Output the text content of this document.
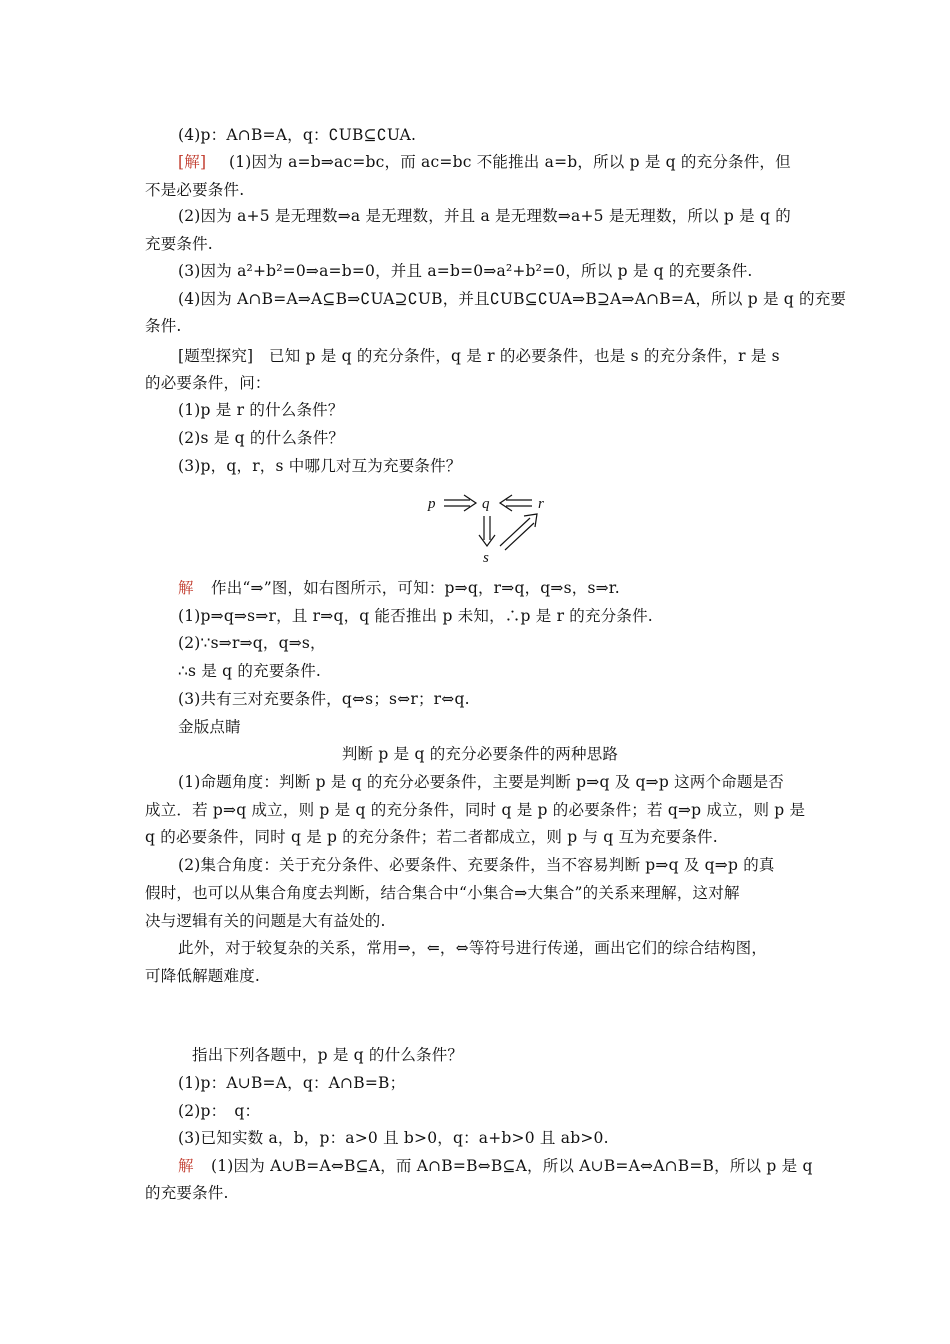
(4)p：A∩B=A，q：∁UB⊆∁UA.
[解]	(1)因为 a=b⇒ac=bc，而 ac=bc 不能推出 a=b，所以 p 是 q 的充分条件，但
不是必要条件.
(2)因为 a+5 是无理数⇒a 是无理数，并且 a 是无理数⇒a+5 是无理数，所以 p 是 q 的
充要条件.
(3)因为 a²+b²=0⇒a=b=0，并且 a=b=0⇒a²+b²=0，所以 p 是 q 的充要条件.
(4)因为 A∩B=A⇒A⊆B⇒∁UA⊇∁UB，并且∁UB⊆∁UA⇒B⊇A⇒A∩B=A，所以 p 是 q 的充要
条件.
[题型探究]　已知 p 是 q 的充分条件，q 是 r 的必要条件，也是 s 的充分条件，r 是 s
的必要条件，问：
(1)p 是 r 的什么条件？
(2)s 是 q 的什么条件？
(3)p，q，r，s 中哪几对互为充要条件？
p	q	r
s
解	作出“⇒”图，如右图所示，可知：p⇒q，r⇒q，q⇒s，s⇒r.
(1)p⇒q⇒s⇒r，且 r⇒q，q 能否推出 p 未知，∴p 是 r 的充分条件.
(2)∵s⇒r⇒q，q⇒s，
∴s 是 q 的充要条件.
(3)共有三对充要条件，q⇔s；s⇔r；r⇔q.
金版点睛
判断 p 是 q 的充分必要条件的两种思路
(1)命题角度：判断 p 是 q 的充分必要条件，主要是判断 p⇒q 及 q⇒p 这两个命题是否
成立．若 p⇒q 成立，则 p 是 q 的充分条件，同时 q 是 p 的必要条件；若 q⇒p 成立，则 p 是
q 的必要条件，同时 q 是 p 的充分条件；若二者都成立，则 p 与 q 互为充要条件.
(2)集合角度：关于充分条件、必要条件、充要条件，当不容易判断 p⇒q 及 q⇒p 的真
假时，也可以从集合角度去判断，结合集合中“小集合⇒大集合”的关系来理解，这对解
决与逻辑有关的问题是大有益处的.
此外，对于较复杂的关系，常用⇒，⇐，⇔等符号进行传递，画出它们的综合结构图，
可降低解题难度.
指出下列各题中，p 是 q 的什么条件？
(1)p：A∪B=A，q：A∩B=B；
(2)p：　q：
(3)已知实数 a，b，p：a>0 且 b>0，q：a+b>0 且 ab>0.
解	(1)因为 A∪B=A⇔B⊆A，而 A∩B=B⇔B⊆A，所以 A∪B=A⇔A∩B=B，所以 p 是 q
的充要条件.
